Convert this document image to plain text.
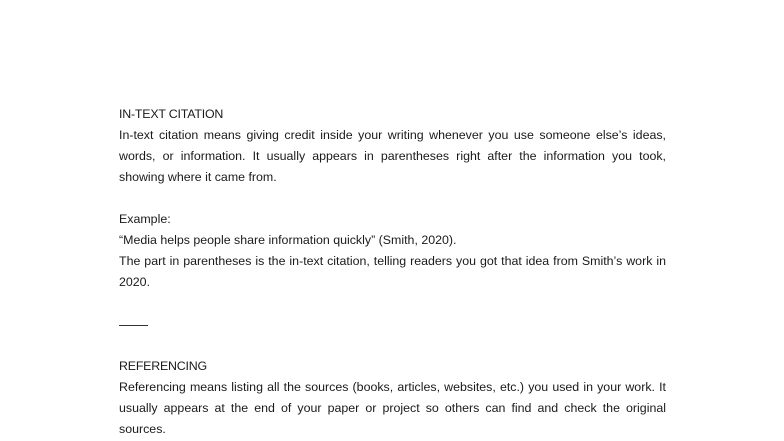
IN-TEXT CITATION

In-text citation means giving credit inside your writing whenever you use someone else’s ideas, words, or information. It usually appears in parentheses right after the information you took, showing where it came from.

Example:

“Media helps people share information quickly” (Smith, 2020).

The part in parentheses is the in-text citation, telling readers you got that idea from Smith’s work in 2020.

REFERENCING

Referencing means listing all the sources (books, articles, websites, etc.) you used in your work. It usually appears at the end of your paper or project so others can find and check the original sources.
